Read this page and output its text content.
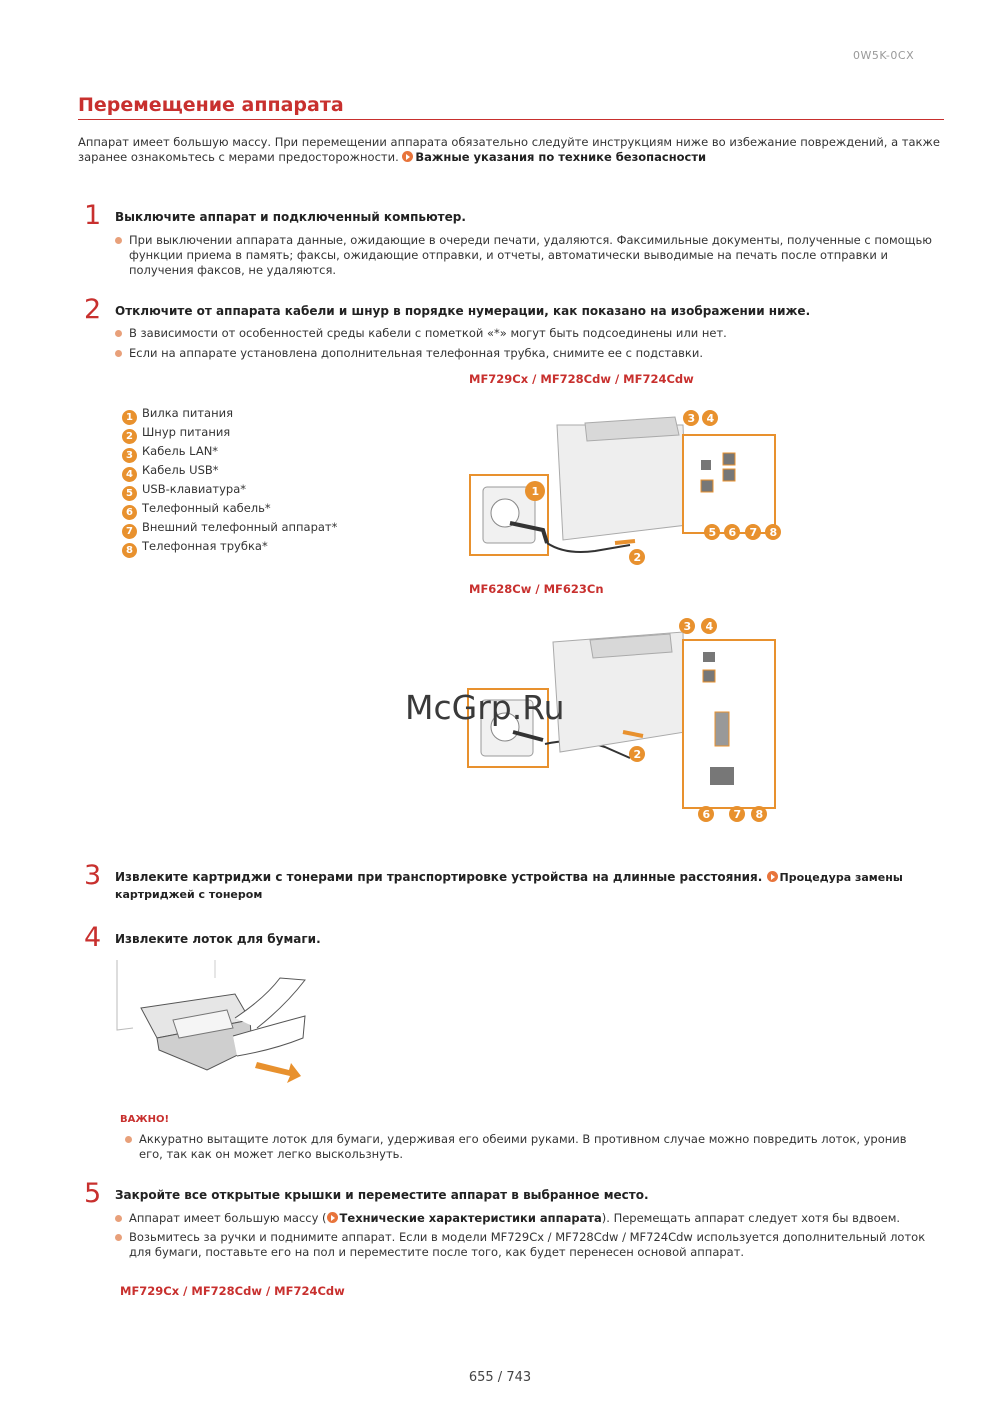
0W5K-0CX
Перемещение аппарата
Аппарат имеет большую массу. При перемещении аппарата обязательно следуйте инструкциям ниже во избежание повреждений, а также заранее ознакомьтесь с мерами предосторожности. Важные указания по технике безопасности
1 Выключите аппарат и подключенный компьютер.
При выключении аппарата данные, ожидающие в очереди печати, удаляются. Факсимильные документы, полученные с помощью функции приема в память; факсы, ожидающие отправки, и отчеты, автоматически выводимые на печать после отправки и получения факсов, не удаляются.
2 Отключите от аппарата кабели и шнур в порядке нумерации, как показано на изображении ниже.
В зависимости от особенностей среды кабели с пометкой «*» могут быть подсоединены или нет.
Если на аппарате установлена дополнительная телефонная трубка, снимите ее с подставки.
MF729Cx / MF728Cdw / MF724Cdw
1 Вилка питания
2 Шнур питания
3 Кабель LAN*
4 Кабель USB*
5 USB-клавиатура*
6 Телефонный кабель*
7 Внешний телефонный аппарат*
8 Телефонная трубка*
1
2
3 4
5 6 7 8
MF628Cw / MF623Cn
3 4
2
6 7 8
McGrp.Ru
3 Извлеките картриджи с тонерами при транспортировке устройства на длинные расстояния. Процедура замены картриджей с тонером
4 Извлеките лоток для бумаги.
ВАЖНО!
Аккуратно вытащите лоток для бумаги, удерживая его обеими руками. В противном случае можно повредить лоток, уронив его, так как он может легко выскользнуть.
5 Закройте все открытые крышки и переместите аппарат в выбранное место.
Аппарат имеет большую массу ( Технические характеристики аппарата). Перемещать аппарат следует хотя бы вдвоем.
Возьмитесь за ручки и поднимите аппарат. Если в модели MF729Cx / MF728Cdw / MF724Cdw используется дополнительный лоток для бумаги, поставьте его на пол и переместите после того, как будет перенесен основой аппарат.
MF729Cx / MF728Cdw / MF724Cdw
655 / 743
